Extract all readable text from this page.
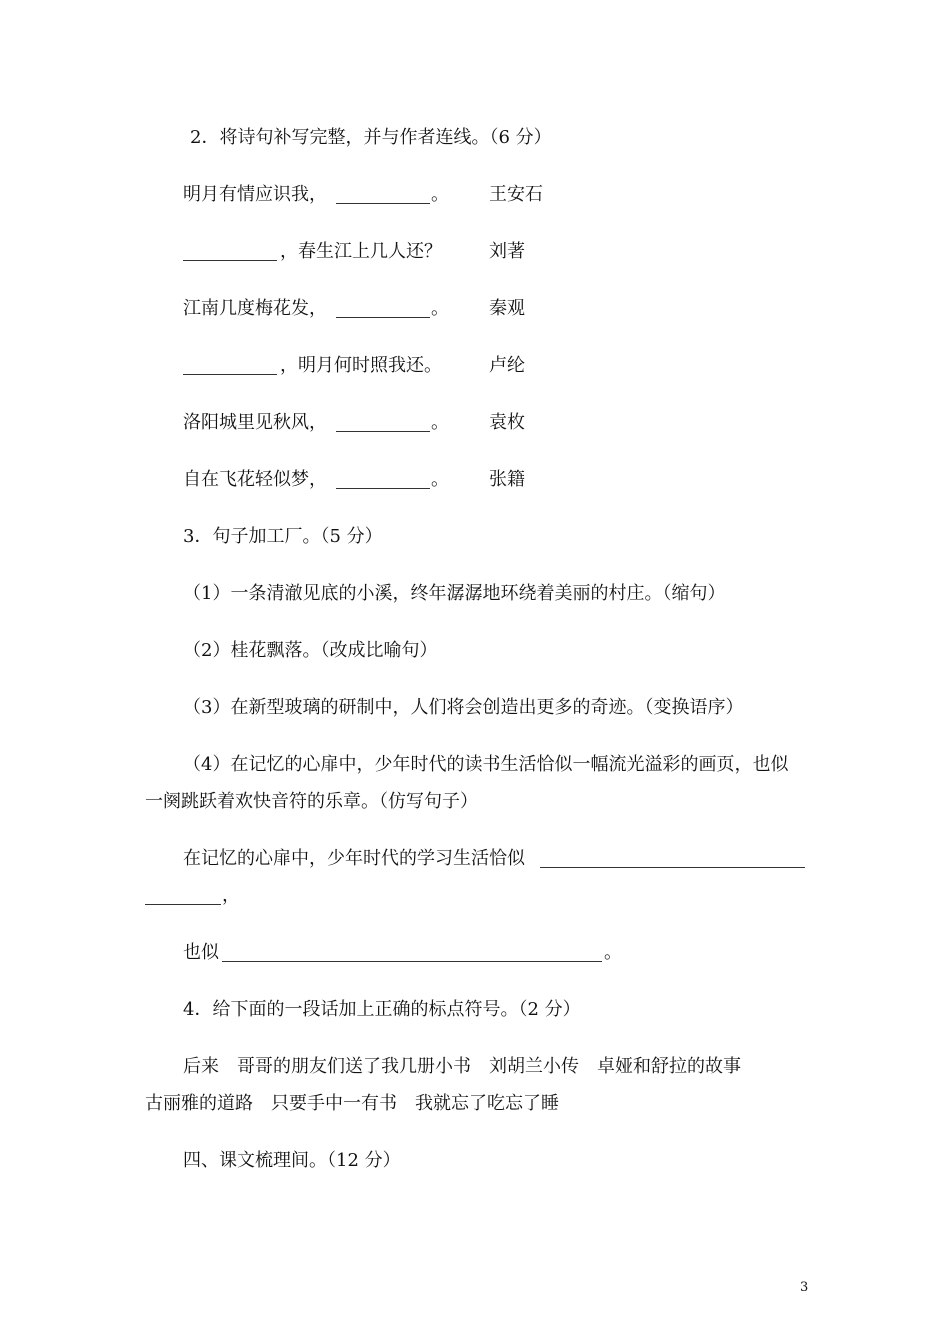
2．将诗句补写完整，并与作者连线。（6 分）
明月有情应识我，	。 王安石
，春生江上几人还？	刘著
江南几度梅花发，	。 秦观
，明月何时照我还。	卢纶
洛阳城里见秋风，	。 袁枚
自在飞花轻似梦，	。 张籍
3．句子加工厂。（5 分）
（1）一条清澈见底的小溪，终年潺潺地环绕着美丽的村庄。（缩句）
（2）桂花飘落。（改成比喻句）
（3）在新型玻璃的研制中，人们将会创造出更多的奇迹。（变换语序）
（4）在记忆的心扉中，少年时代的读书生活恰似一幅流光溢彩的画页，也似
一阕跳跃着欢快音符的乐章。（仿写句子）
在记忆的心扉中，少年时代的学习生活恰似
，
也似	。
4．给下面的一段话加上正确的标点符号。（2 分）
后来　哥哥的朋友们送了我几册小书　刘胡兰小传　卓娅和舒拉的故事
古丽雅的道路　只要手中一有书　我就忘了吃忘了睡
四、课文梳理间。（12 分）
3
